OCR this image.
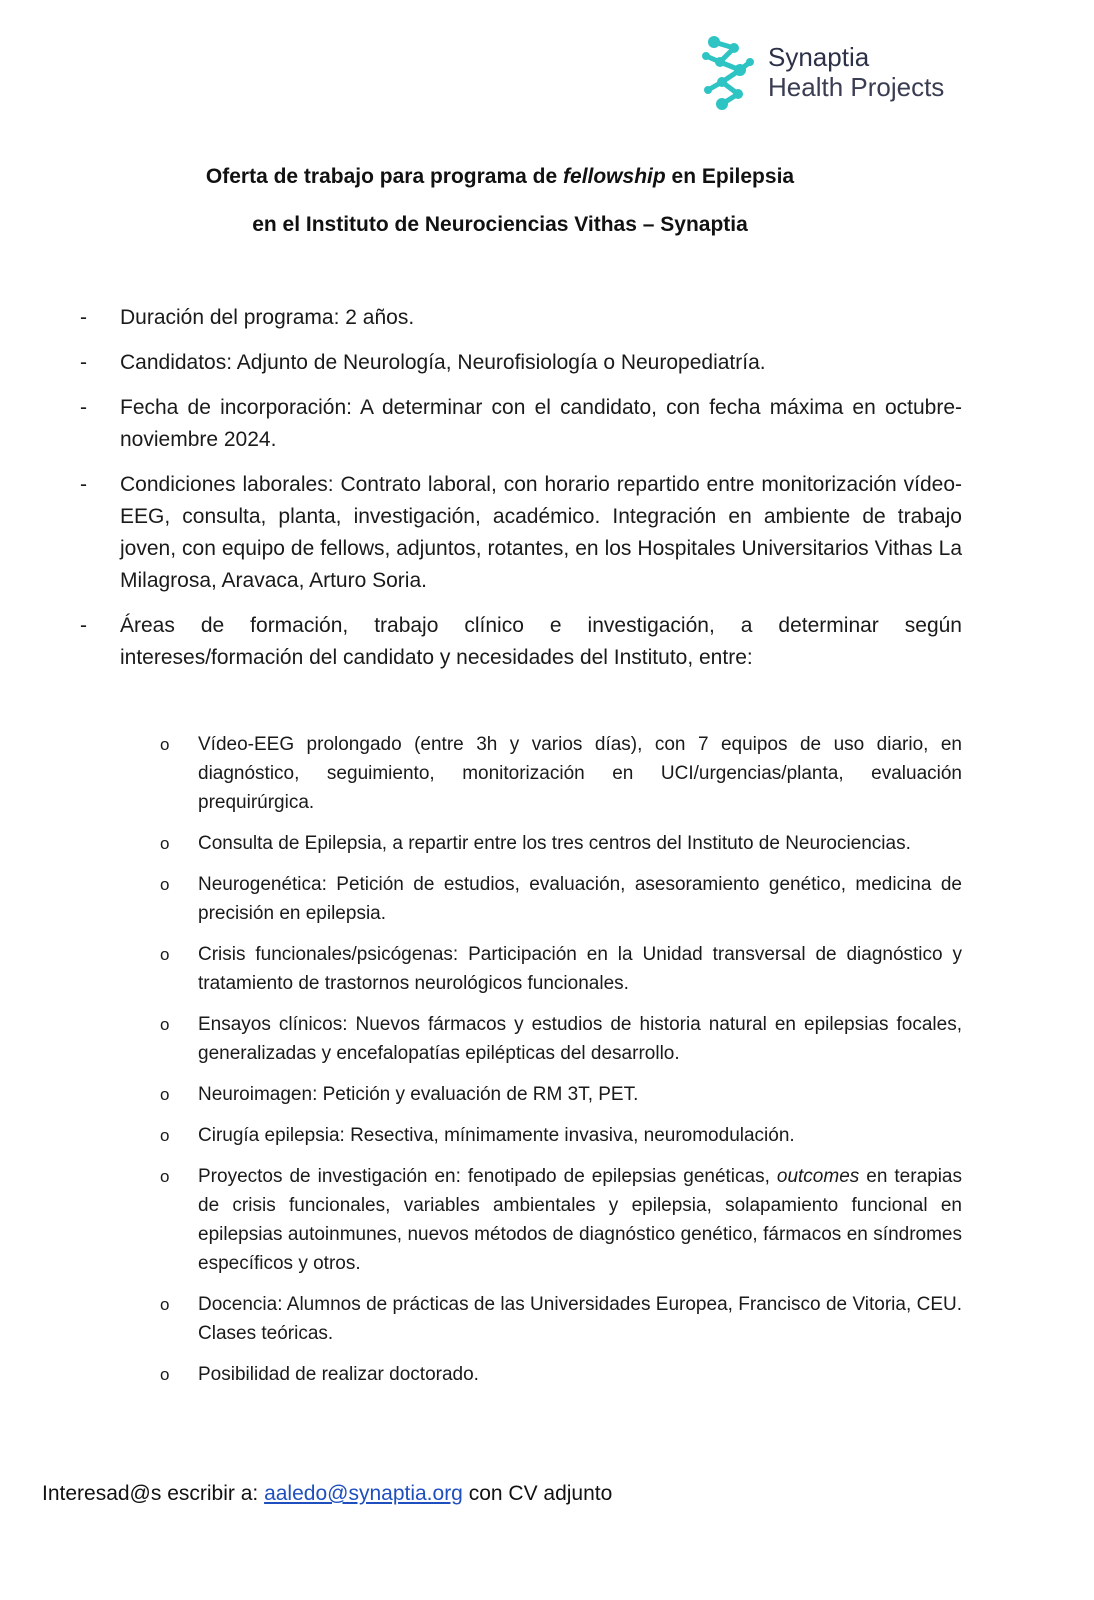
Synaptia
Health Projects
Oferta de trabajo para programa de fellowship en Epilepsia
en el Instituto de Neurociencias Vithas – Synaptia
- Duración del programa: 2 años.
- Candidatos: Adjunto de Neurología, Neurofisiología o Neuropediatría.
- Fecha de incorporación: A determinar con el candidato, con fecha máxima en octubre-noviembre 2024.
- Condiciones laborales: Contrato laboral, con horario repartido entre monitorización vídeo-EEG, consulta, planta, investigación, académico. Integración en ambiente de trabajo joven, con equipo de fellows, adjuntos, rotantes, en los Hospitales Universitarios Vithas La Milagrosa, Aravaca, Arturo Soria.
- Áreas de formación, trabajo clínico e investigación, a determinar según intereses/formación del candidato y necesidades del Instituto, entre:
o Vídeo-EEG prolongado (entre 3h y varios días), con 7 equipos de uso diario, en diagnóstico, seguimiento, monitorización en UCI/urgencias/planta, evaluación prequirúrgica.
o Consulta de Epilepsia, a repartir entre los tres centros del Instituto de Neurociencias.
o Neurogenética: Petición de estudios, evaluación, asesoramiento genético, medicina de precisión en epilepsia.
o Crisis funcionales/psicógenas: Participación en la Unidad transversal de diagnóstico y tratamiento de trastornos neurológicos funcionales.
o Ensayos clínicos: Nuevos fármacos y estudios de historia natural en epilepsias focales, generalizadas y encefalopatías epilépticas del desarrollo.
o Neuroimagen: Petición y evaluación de RM 3T, PET.
o Cirugía epilepsia: Resectiva, mínimamente invasiva, neuromodulación.
o Proyectos de investigación en: fenotipado de epilepsias genéticas, outcomes en terapias de crisis funcionales, variables ambientales y epilepsia, solapamiento funcional en epilepsias autoinmunes, nuevos métodos de diagnóstico genético, fármacos en síndromes específicos y otros.
o Docencia: Alumnos de prácticas de las Universidades Europea, Francisco de Vitoria, CEU. Clases teóricas.
o Posibilidad de realizar doctorado.
Interesad@s escribir a: aaledo@synaptia.org con CV adjunto
